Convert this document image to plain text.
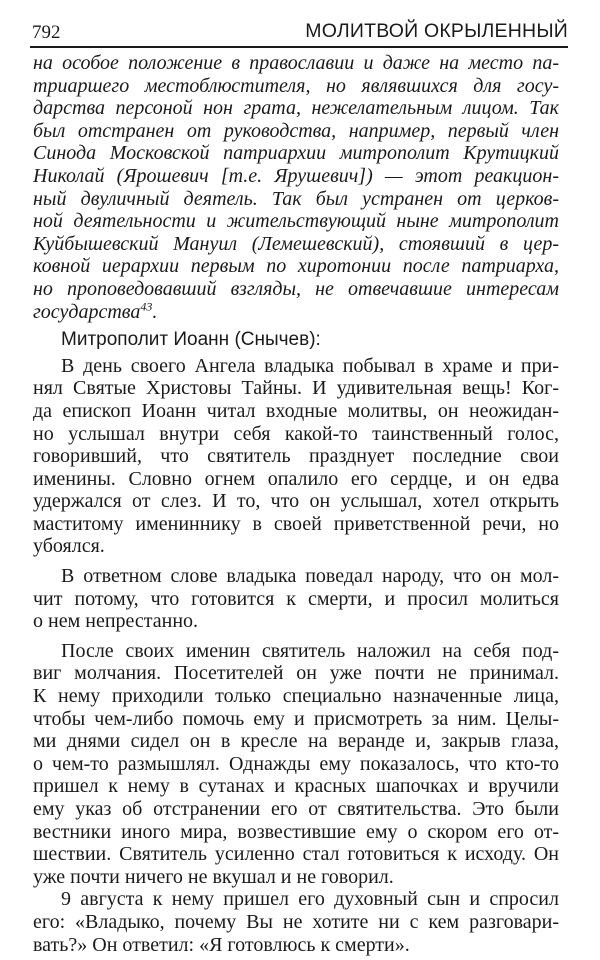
792	МОЛИТВОЙ ОКРЫЛЕННЫЙ
на особое положение в православии и даже на место па-
триаршего местоблюстителя, но являвшихся для госу-
дарства персоной нон грата, нежелательным лицом. Так
был отстранен от руководства, например, первый член
Синода Московской патриархии митрополит Крутицкий
Николай (Ярошевич [т.е. Ярушевич]) — этот реакцион-
ный двуличный деятель. Так был устранен от церков-
ной деятельности и жительствующий ныне митрополит
Куйбышевский Мануил (Лемешевский), стоявший в цер-
ковной иерархии первым по хиротонии после патриарха,
но проповедовавший взгляды, не отвечавшие интересам
государства$^{43}$.
Митрополит Иоанн (Снычев):
В день своего Ангела владыка побывал в храме и при-
нял Святые Христовы Тайны. И удивительная вещь! Ког-
да епископ Иоанн читал входные молитвы, он неожидан-
но услышал внутри себя какой-то таинственный голос,
говоривший, что святитель празднует последние свои
именины. Словно огнем опалило его сердце, и он едва
удержался от слез. И то, что он услышал, хотел открыть
маститому имениннику в своей приветственной речи, но
убоялся.
В ответном слове владыка поведал народу, что он мол-
чит потому, что готовится к смерти, и просил молиться
о нем непрестанно.
После своих именин святитель наложил на себя под-
виг молчания. Посетителей он уже почти не принимал.
К нему приходили только специально назначенные лица,
чтобы чем-либо помочь ему и присмотреть за ним. Целы-
ми днями сидел он в кресле на веранде и, закрыв глаза,
о чем-то размышлял. Однажды ему показалось, что кто-то
пришел к нему в сутанах и красных шапочках и вручили
ему указ об отстранении его от святительства. Это были
вестники иного мира, возвестившие ему о скором его от-
шествии. Святитель усиленно стал готовиться к исходу. Он
уже почти ничего не вкушал и не говорил.
9 августа к нему пришел его духовный сын и спросил
его: «Владыко, почему Вы не хотите ни с кем разговари-
вать?» Он ответил: «Я готовлюсь к смерти».
